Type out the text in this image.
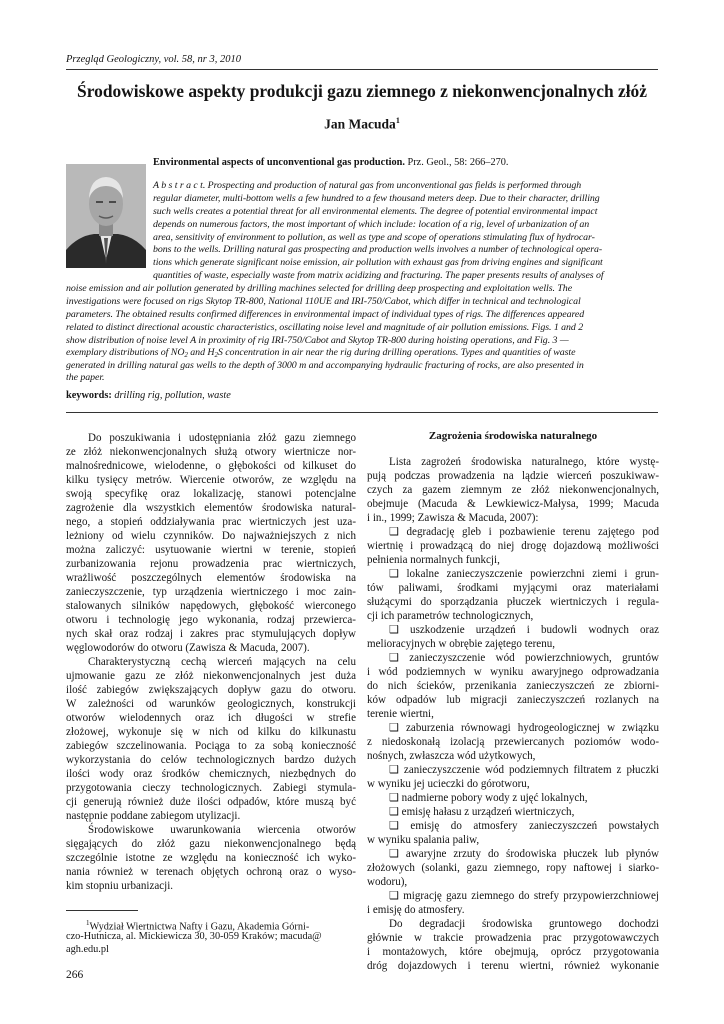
Przegląd Geologiczny, vol. 58, nr 3, 2010
Środowiskowe aspekty produkcji gazu ziemnego z niekonwencjonalnych złóż
Jan Macuda$^1$
Environmental aspects of unconventional gas production. Prz. Geol., 58: 266–270.
A b s t r a c t. Prospecting and production of natural gas from unconventional gas fields is performed through
regular diameter, multi-bottom wells a few hundred to a few thousand meters deep. Due to their character, drilling
such wells creates a potential threat for all environmental elements. The degree of potential environmental impact
depends on numerous factors, the most important of which include: location of a rig, level of urbanization of an
area, sensitivity of environment to pollution, as well as type and scope of operations stimulating flux of hydrocar-
bons to the wells. Drilling natural gas prospecting and production wells involves a number of technological opera-
tions which generate significant noise emission, air pollution with exhaust gas from driving engines and significant
quantities of waste, especially waste from matrix acidizing and fracturing. The paper presents results of analyses of
noise emission and air pollution generated by drilling machines selected for drilling deep prospecting and exploitation wells. The
investigations were focused on rigs Skytop TR-800, National 110UE and IRI-750/Cabot, which differ in technical and technological
parameters. The obtained results confirmed differences in environmental impact of individual types of rigs. The differences appeared
related to distinct directional acoustic characteristics, oscillating noise level and magnitude of air pollution emissions. Figs. 1 and 2
show distribution of noise level A in proximity of rig IRI-750/Cabot and Skytop TR-800 during hoisting operations, and Fig. 3 —
exemplary distributions of $NO_2$ and $H_2S$ concentration in air near the rig during drilling operations. Types and quantities of waste
generated in drilling natural gas wells to the depth of 3000 m and accompanying hydraulic fracturing of rocks, are also presented in
the paper.
keywords: drilling rig, pollution, waste
Do poszukiwania i udostępniania złóż gazu ziemnego
ze złóż niekonwencjonalnych służą otwory wiertnicze nor-
malnośrednicowe, wielodenne, o głębokości od kilkuset do
kilku tysięcy metrów. Wiercenie otworów, ze względu na
swoją specyfikę oraz lokalizację, stanowi potencjalne
zagrożenie dla wszystkich elementów środowiska natural-
nego, a stopień oddziaływania prac wiertniczych jest uza-
leżniony od wielu czynników. Do najważniejszych z nich
można zaliczyć: usytuowanie wiertni w terenie, stopień
zurbanizowania rejonu prowadzenia prac wiertniczych,
wrażliwość poszczególnych elementów środowiska na
zanieczyszczenie, typ urządzenia wiertniczego i moc zain-
stalowanych silników napędowych, głębokość wierconego
otworu i technologię jego wykonania, rodzaj przewierca-
nych skał oraz rodzaj i zakres prac stymulujących dopływ
węglowodorów do otworu (Zawisza & Macuda, 2007).
Charakterystyczną cechą wierceń mających na celu
ujmowanie gazu ze złóż niekonwencjonalnych jest duża
ilość zabiegów zwiększających dopływ gazu do otworu.
W zależności od warunków geologicznych, konstrukcji
otworów wielodennych oraz ich długości w strefie
złożowej, wykonuje się w nich od kilku do kilkunastu
zabiegów szczelinowania. Pociąga to za sobą konieczność
wykorzystania do celów technologicznych bardzo dużych
ilości wody oraz środków chemicznych, niezbędnych do
przygotowania cieczy technologicznych. Zabiegi stymula-
cji generują również duże ilości odpadów, które muszą być
następnie poddane zabiegom utylizacji.
Środowiskowe uwarunkowania wiercenia otworów
sięgających do złóż gazu niekonwencjonalnego będą
szczególnie istotne ze względu na konieczność ich wyko-
nania również w terenach objętych ochroną oraz o wyso-
kim stopniu urbanizacji.
Zagrożenia środowiska naturalnego
Lista zagrożeń środowiska naturalnego, które wystę-
pują podczas prowadzenia na lądzie wierceń poszukiwaw-
czych za gazem ziemnym ze złóż niekonwencjonalnych,
obejmuje (Macuda & Lewkiewicz-Małysa, 1999; Macuda
i in., 1999; Zawisza & Macuda, 2007):
❑ degradację gleb i pozbawienie terenu zajętego pod
wiertnię i prowadzącą do niej drogę dojazdową możliwości
pełnienia normalnych funkcji,
❑ lokalne zanieczyszczenie powierzchni ziemi i grun-
tów paliwami, środkami myjącymi oraz materiałami
służącymi do sporządzania płuczek wiertniczych i regula-
cji ich parametrów technologicznych,
❑ uszkodzenie urządzeń i budowli wodnych oraz
melioracyjnych w obrębie zajętego terenu,
❑ zanieczyszczenie wód powierzchniowych, gruntów
i wód podziemnych w wyniku awaryjnego odprowadzania
do nich ścieków, przenikania zanieczyszczeń ze zbiorni-
ków odpadów lub migracji zanieczyszczeń rozlanych na
terenie wiertni,
❑ zaburzenia równowagi hydrogeologicznej w związku
z niedoskonałą izolacją przewiercanych poziomów wodo-
nośnych, zwłaszcza wód użytkowych,
❑ zanieczyszczenie wód podziemnych filtratem z płuczki
w wyniku jej ucieczki do górotworu,
❑ nadmierne pobory wody z ujęć lokalnych,
❑ emisję hałasu z urządzeń wiertniczych,
❑ emisję do atmosfery zanieczyszczeń powstałych
w wyniku spalania paliw,
❑ awaryjne zrzuty do środowiska płuczek lub płynów
złożowych (solanki, gazu ziemnego, ropy naftowej i siarko-
wodoru),
❑ migrację gazu ziemnego do strefy przypowierzchniowej
i emisję do atmosfery.
Do degradacji środowiska gruntowego dochodzi
głównie w trakcie prowadzenia prac przygotowawczych
i montażowych, które obejmują, oprócz przygotowania
dróg dojazdowych i terenu wiertni, również wykonanie
$^1$Wydział Wiertnictwa Nafty i Gazu, Akademia Górni-
czo-Hutnicza, al. Mickiewicza 30, 30-059 Kraków; macuda@
agh.edu.pl
266
